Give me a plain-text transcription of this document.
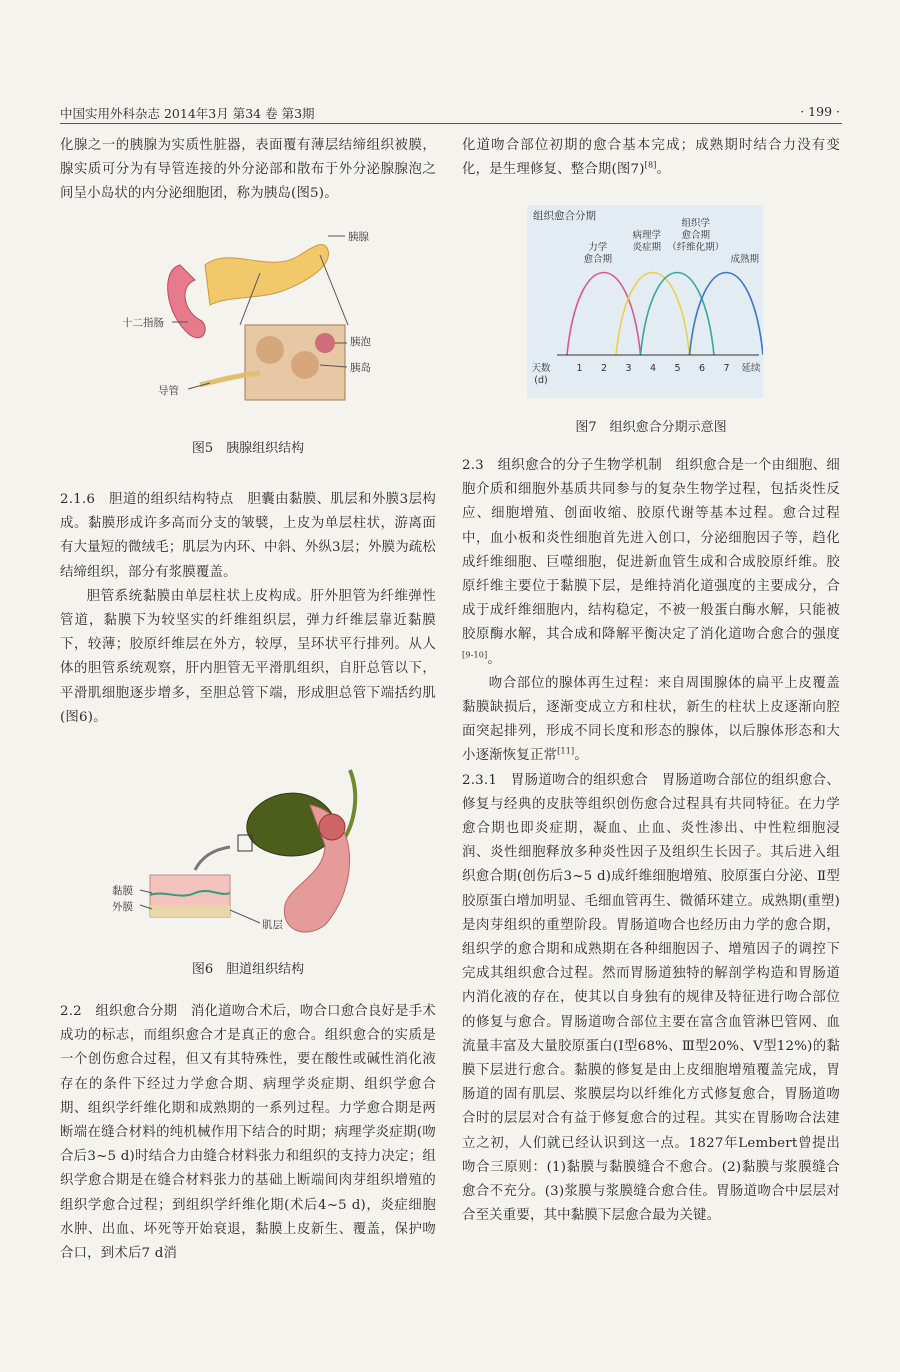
中国实用外科杂志 2014年3月 第34 卷 第3期	· 199 ·

化腺之一的胰腺为实质性脏器，表面覆有薄层结缔组织被膜，腺实质可分为有导管连接的外分泌部和散布于外分泌腺腺泡之间呈小岛状的内分泌细胞团，称为胰岛(图5)。

胰腺
十二指肠
胰泡
胰岛
导管
图5　胰腺组织结构

2.1.6　胆道的组织结构特点　胆囊由黏膜、肌层和外膜3层构成。黏膜形成许多高而分支的皱襞，上皮为单层柱状，游离面有大量短的微绒毛；肌层为内环、中斜、外纵3层；外膜为疏松结缔组织，部分有浆膜覆盖。

胆管系统黏膜由单层柱状上皮构成。肝外胆管为纤维弹性管道，黏膜下为较坚实的纤维组织层，弹力纤维层靠近黏膜下，较薄；胶原纤维层在外方，较厚，呈环状平行排列。从人体的胆管系统观察，肝内胆管无平滑肌组织，自肝总管以下，平滑肌细胞逐步增多，至胆总管下端，形成胆总管下端括约肌(图6)。

黏膜
外膜
肌层
图6　胆道组织结构

2.2　组织愈合分期　消化道吻合术后，吻合口愈合良好是手术成功的标志，而组织愈合才是真正的愈合。组织愈合的实质是一个创伤愈合过程，但又有其特殊性，要在酸性或碱性消化液存在的条件下经过力学愈合期、病理学炎症期、组织学愈合期、组织学纤维化期和成熟期的一系列过程。力学愈合期是两断端在缝合材料的纯机械作用下结合的时期；病理学炎症期(吻合后3~5 d)时结合力由缝合材料张力和组织的支持力决定；组织学愈合期是在缝合材料张力的基础上断端间肉芽组织增殖的组织学愈合过程；到组织学纤维化期(术后4~5 d)，炎症细胞水肿、出血、坏死等开始衰退，黏膜上皮新生、覆盖，保护吻合口，到术后7 d消

化道吻合部位初期的愈合基本完成；成熟期时结合力没有变化，是生理修复、整合期(图7)[8]。

组织愈合分期
力学
愈合期
病理学
炎症期
组织学
愈合期
（纤维化期）
成熟期
天数
(d)
1 2 3 4 5 6 7 延续
图7　组织愈合分期示意图

2.3　组织愈合的分子生物学机制　组织愈合是一个由细胞、细胞介质和细胞外基质共同参与的复杂生物学过程，包括炎性反应、细胞增殖、创面收缩、胶原代谢等基本过程。愈合过程中，血小板和炎性细胞首先进入创口，分泌细胞因子等，趋化成纤维细胞、巨噬细胞，促进新血管生成和合成胶原纤维。胶原纤维主要位于黏膜下层，是维持消化道强度的主要成分，合成于成纤维细胞内，结构稳定，不被一般蛋白酶水解，只能被胶原酶水解，其合成和降解平衡决定了消化道吻合愈合的强度[9-10]。

吻合部位的腺体再生过程：来自周围腺体的扁平上皮覆盖黏膜缺损后，逐渐变成立方和柱状，新生的柱状上皮逐渐向腔面突起排列，形成不同长度和形态的腺体，以后腺体形态和大小逐渐恢复正常[11]。

2.3.1　胃肠道吻合的组织愈合　胃肠道吻合部位的组织愈合、修复与经典的皮肤等组织创伤愈合过程具有共同特征。在力学愈合期也即炎症期，凝血、止血、炎性渗出、中性粒细胞浸润、炎性细胞释放多种炎性因子及组织生长因子。其后进入组织愈合期(创伤后3~5 d)成纤维细胞增殖、胶原蛋白分泌、Ⅱ型胶原蛋白增加明显、毛细血管再生、微循环建立。成熟期(重塑)是肉芽组织的重塑阶段。胃肠道吻合也经历由力学的愈合期，组织学的愈合期和成熟期在各种细胞因子、增殖因子的调控下完成其组织愈合过程。然而胃肠道独特的解剖学构造和胃肠道内消化液的存在，使其以自身独有的规律及特征进行吻合部位的修复与愈合。胃肠道吻合部位主要在富含血管淋巴管网、血流量丰富及大量胶原蛋白(Ⅰ型68%、Ⅲ型20%、Ⅴ型12%)的黏膜下层进行愈合。黏膜的修复是由上皮细胞增殖覆盖完成，胃肠道的固有肌层、浆膜层均以纤维化方式修复愈合，胃肠道吻合时的层层对合有益于修复愈合的过程。其实在胃肠吻合法建立之初，人们就已经认识到这一点。1827年Lembert曾提出吻合三原则：(1)黏膜与黏膜缝合不愈合。(2)黏膜与浆膜缝合愈合不充分。(3)浆膜与浆膜缝合愈合佳。胃肠道吻合中层层对合至关重要，其中黏膜下层愈合最为关键。
